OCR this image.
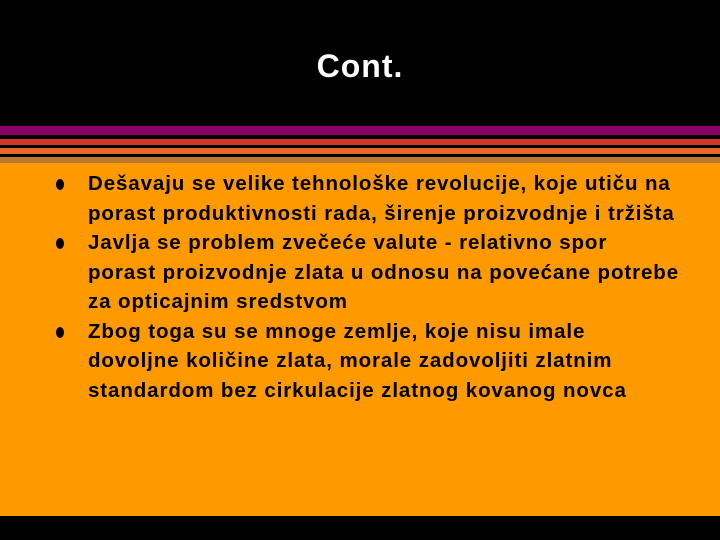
Cont.
Dešavaju se velike tehnološke revolucije, koje utiču na porast produktivnosti rada, širenje proizvodnje i tržišta
Javlja se problem zvečeće valute - relativno spor porast proizvodnje zlata u odnosu na povećane potrebe za opticajnim sredstvom
Zbog toga su se mnoge zemlje, koje nisu imale dovoljne količine zlata, morale zadovoljiti zlatnim standardom bez cirkulacije zlatnog kovanog novca
